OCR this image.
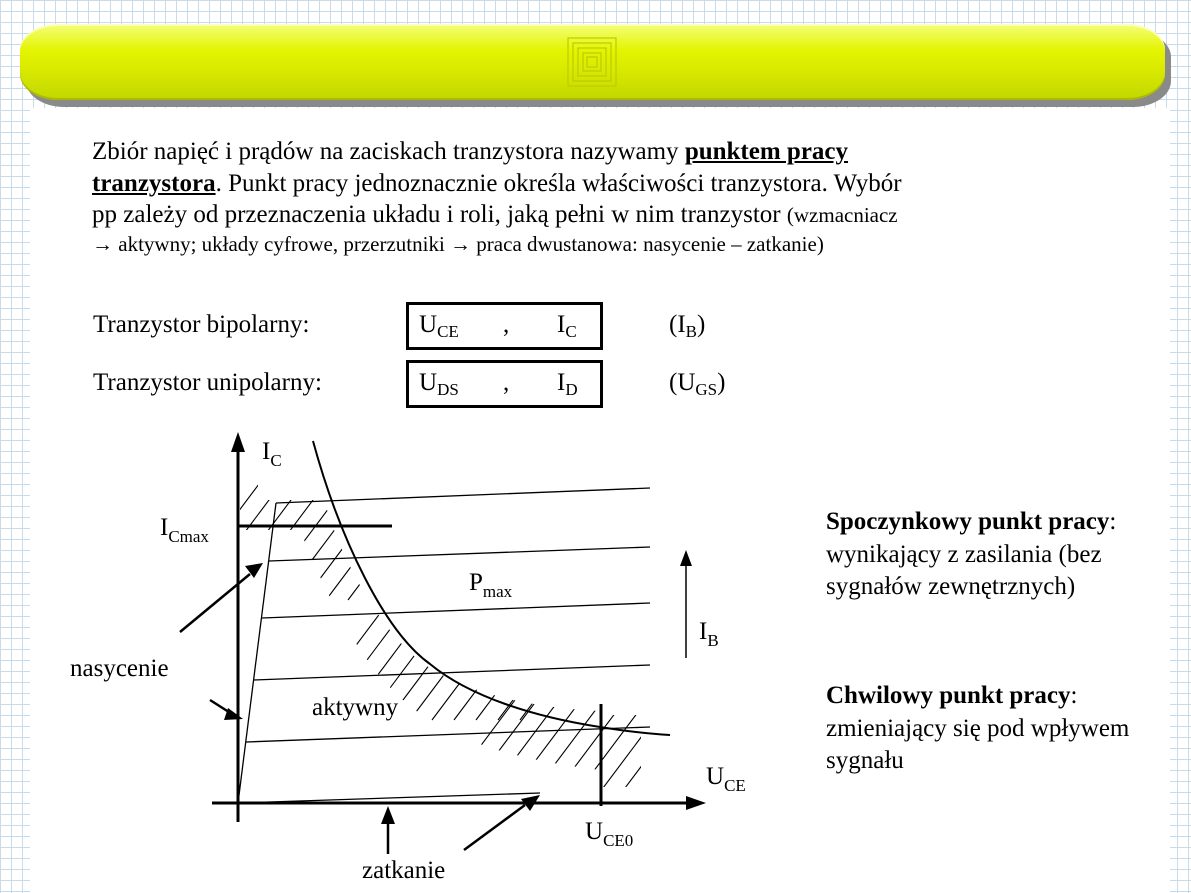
Zbiór napięć i prądów na zaciskach tranzystora nazywamy punktem pracy
tranzystora. Punkt pracy jednoznacznie określa właściwości tranzystora. Wybór
pp zależy od przeznaczenia układu i roli, jaką pełni w nim tranzystor (wzmacniacz
→ aktywny; układy cyfrowe, przerzutniki → praca dwustanowa: nasycenie – zatkanie)
Tranzystor bipolarny:	$U_{CE}$ , $I_C$	$(I_B)$
Tranzystor unipolarny:	$U_{DS}$ , $I_D$	$(U_{GS})$
$I_C$
$I_{Cmax}$
$P_{max}$
$I_B$
$U_{CE}$
$U_{CE0}$
nasycenie
aktywny
zatkanie
Spoczynkowy punkt pracy: wynikający z zasilania (bez sygnałów zewnętrznych)
Chwilowy punkt pracy: zmieniający się pod wpływem sygnału
